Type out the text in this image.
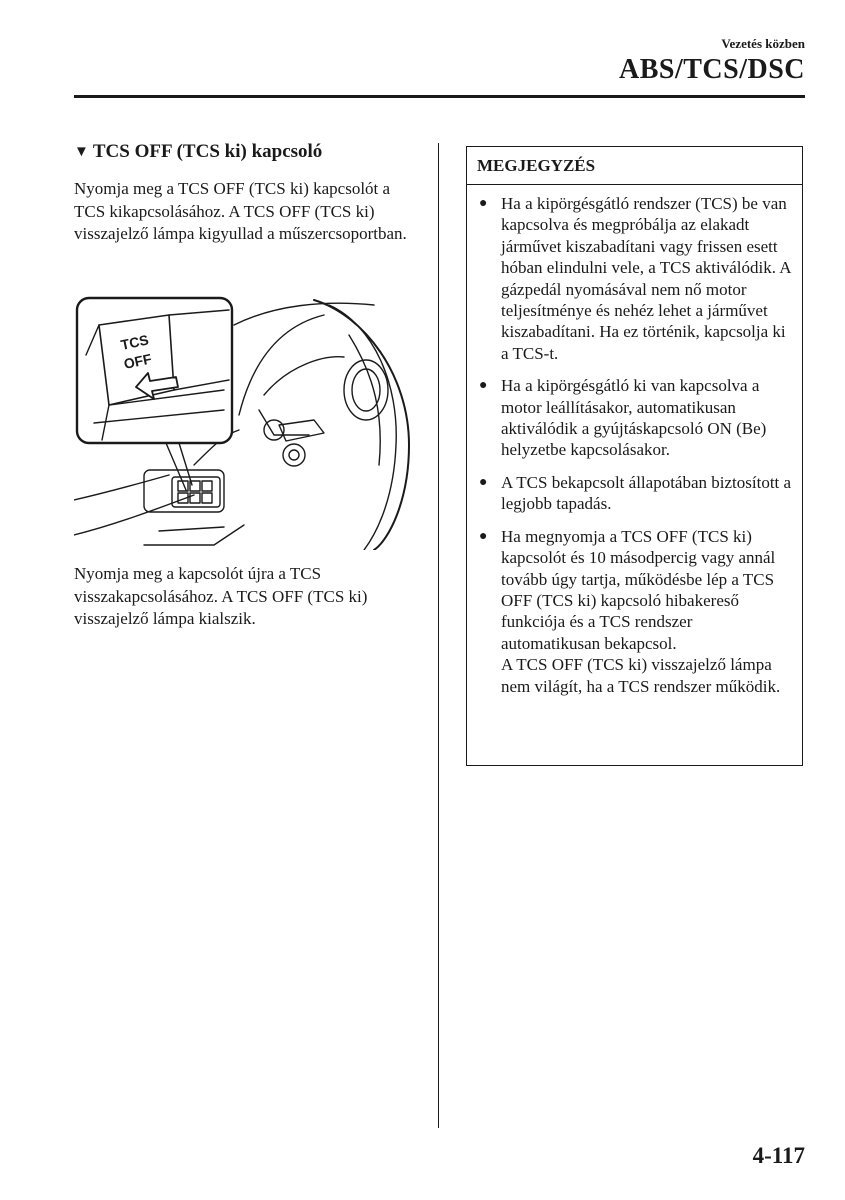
Vezetés közben
ABS/TCS/DSC
▼ TCS OFF (TCS ki) kapcsoló

Nyomja meg a TCS OFF (TCS ki) kapcsolót a TCS kikapcsolásához. A TCS OFF (TCS ki) visszajelző lámpa kigyullad a műszercsoportban.

TCS
OFF

Nyomja meg a kapcsolót újra a TCS visszakapcsolásához. A TCS OFF (TCS ki) visszajelző lámpa kialszik.

MEGJEGYZÉS
● Ha a kipörgésgátló rendszer (TCS) be van kapcsolva és megpróbálja az elakadt járművet kiszabadítani vagy frissen esett hóban elindulni vele, a TCS aktiválódik. A gázpedál nyomásával nem nő motor teljesítménye és nehéz lehet a járművet kiszabadítani. Ha ez történik, kapcsolja ki a TCS-t.
● Ha a kipörgésgátló ki van kapcsolva a motor leállításakor, automatikusan aktiválódik a gyújtáskapcsoló ON (Be) helyzetbe kapcsolásakor.
● A TCS bekapcsolt állapotában biztosított a legjobb tapadás.
● Ha megnyomja a TCS OFF (TCS ki) kapcsolót és 10 másodpercig vagy annál tovább úgy tartja, működésbe lép a TCS OFF (TCS ki) kapcsoló hibakereső funkciója és a TCS rendszer automatikusan bekapcsol.
A TCS OFF (TCS ki) visszajelző lámpa nem világít, ha a TCS rendszer működik.
4-117
